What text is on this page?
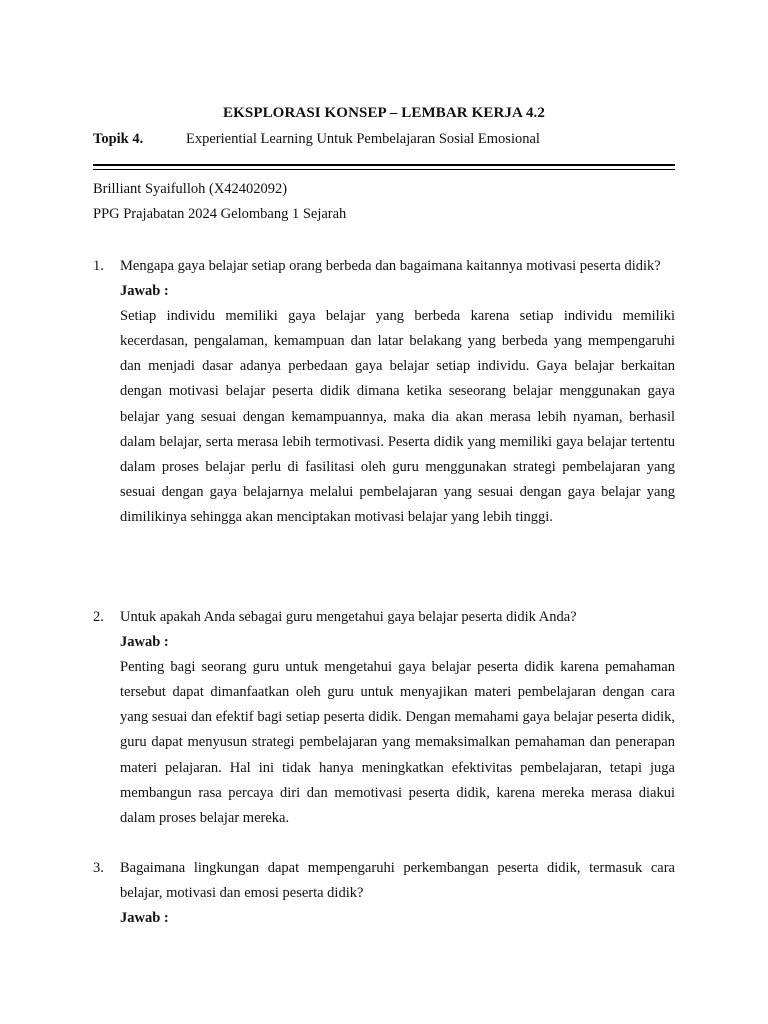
EKSPLORASI KONSEP – LEMBAR KERJA 4.2
Topik 4.	Experiential Learning Untuk Pembelajaran Sosial Emosional
Brilliant Syaifulloh (X42402092)
PPG Prajabatan 2024 Gelombang 1 Sejarah
1. Mengapa gaya belajar setiap orang berbeda dan bagaimana kaitannya motivasi peserta didik?
Jawab :
Setiap individu memiliki gaya belajar yang berbeda karena setiap individu memiliki kecerdasan, pengalaman, kemampuan dan latar belakang yang berbeda yang mempengaruhi dan menjadi dasar adanya perbedaan gaya belajar setiap individu. Gaya belajar berkaitan dengan motivasi belajar peserta didik dimana ketika seseorang belajar menggunakan gaya belajar yang sesuai dengan kemampuannya, maka dia akan merasa lebih nyaman, berhasil dalam belajar, serta merasa lebih termotivasi. Peserta didik yang memiliki gaya belajar tertentu dalam proses belajar perlu di fasilitasi oleh guru menggunakan strategi pembelajaran yang sesuai dengan gaya belajarnya melalui pembelajaran yang sesuai dengan gaya belajar yang dimilikinya sehingga akan menciptakan motivasi belajar yang lebih tinggi.
2. Untuk apakah Anda sebagai guru mengetahui gaya belajar peserta didik Anda?
Jawab :
Penting bagi seorang guru untuk mengetahui gaya belajar peserta didik karena pemahaman tersebut dapat dimanfaatkan oleh guru untuk menyajikan materi pembelajaran dengan cara yang sesuai dan efektif bagi setiap peserta didik. Dengan memahami gaya belajar peserta didik, guru dapat menyusun strategi pembelajaran yang memaksimalkan pemahaman dan penerapan materi pelajaran. Hal ini tidak hanya meningkatkan efektivitas pembelajaran, tetapi juga membangun rasa percaya diri dan memotivasi peserta didik, karena mereka merasa diakui dalam proses belajar mereka.
3. Bagaimana lingkungan dapat mempengaruhi perkembangan peserta didik, termasuk cara belajar, motivasi dan emosi peserta didik?
Jawab :
